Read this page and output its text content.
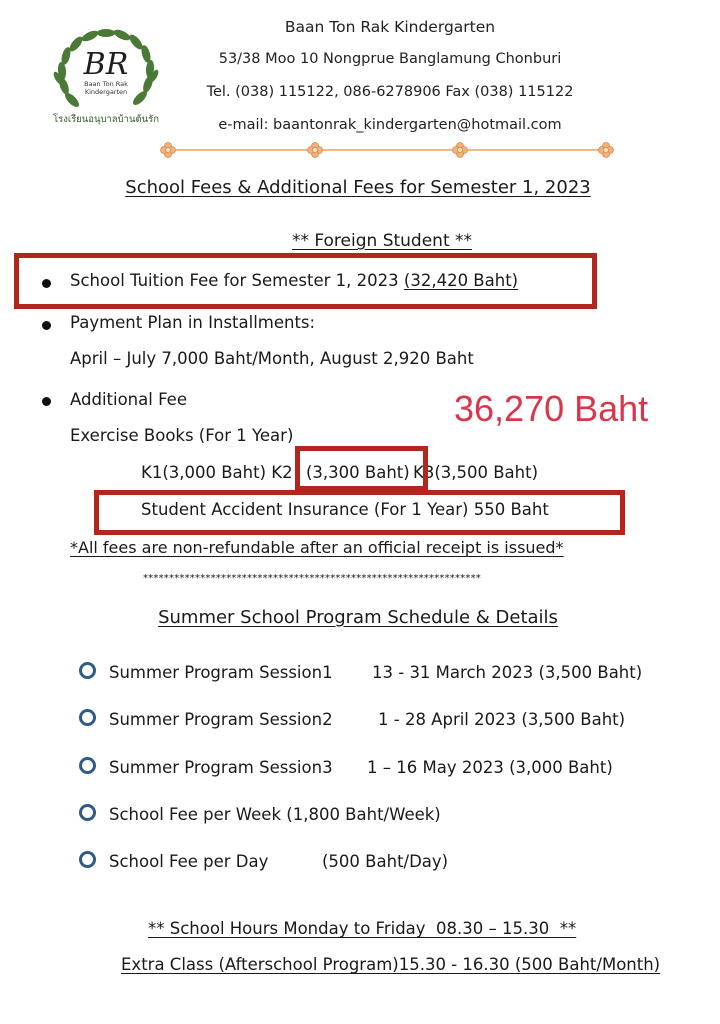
BR
Baan Ton Rak
Kindergarten
โรงเรียนอนุบาลบ้านต้นรัก
Baan Ton Rak Kindergarten
53/38 Moo 10 Nongprue Banglamung Chonburi
Tel. (038) 115122, 086-6278906 Fax (038) 115122
e-mail: baantonrak_kindergarten@hotmail.com
School Fees & Additional Fees for Semester 1, 2023
** Foreign Student **
School Tuition Fee for Semester 1, 2023 (32,420 Baht)
Payment Plan in Installments:
April – July 7,000 Baht/Month, August 2,920 Baht
Additional Fee	36,270 Baht
Exercise Books (For 1 Year)
K1(3,000 Baht) K2 (3,300 Baht) K3(3,500 Baht)
Student Accident Insurance (For 1 Year) 550 Baht
*All fees are non-refundable after an official receipt is issued*
*****************************************************************
Summer School Program Schedule & Details
Summer Program Session1 13 - 31 March 2023 (3,500 Baht)
Summer Program Session2	1 - 28 April 2023 (3,500 Baht)
Summer Program Session3 1 – 16 May 2023 (3,000 Baht)
School Fee per Week (1,800 Baht/Week)
School Fee per Day	(500 Baht/Day)
** School Hours Monday to Friday  08.30 – 15.30  **
Extra Class (Afterschool Program)15.30 - 16.30 (500 Baht/Month)
